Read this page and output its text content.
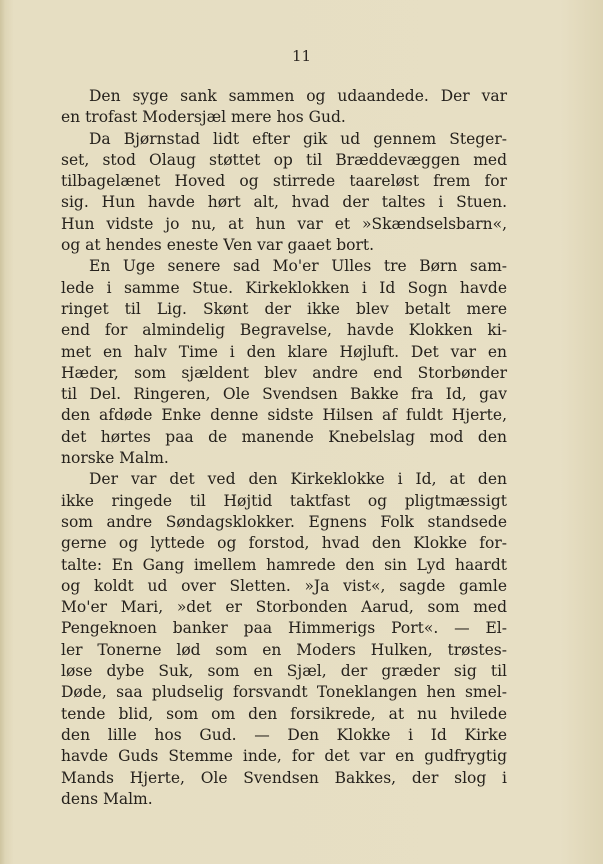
11

Den syge sank sammen og udaandede. Der var
en trofast Modersjæl mere hos Gud.
Da Bjørnstad lidt efter gik ud gennem Steger-
set, stod Olaug støttet op til Bræddevæggen med
tilbagelænet Hoved og stirrede taareløst frem for
sig. Hun havde hørt alt, hvad der taltes i Stuen.
Hun vidste jo nu, at hun var et »Skændselsbarn«,
og at hendes eneste Ven var gaaet bort.
En Uge senere sad Mo'er Ulles tre Børn sam-
lede i samme Stue. Kirkeklokken i Id Sogn havde
ringet til Lig. Skønt der ikke blev betalt mere
end for almindelig Begravelse, havde Klokken ki-
met en halv Time i den klare Højluft. Det var en
Hæder, som sjældent blev andre end Storbønder
til Del. Ringeren, Ole Svendsen Bakke fra Id, gav
den afdøde Enke denne sidste Hilsen af fuldt Hjerte,
det hørtes paa de manende Knebelslag mod den
norske Malm.
Der var det ved den Kirkeklokke i Id, at den
ikke ringede til Højtid taktfast og pligtmæssigt
som andre Søndagsklokker. Egnens Folk standsede
gerne og lyttede og forstod, hvad den Klokke for-
talte: En Gang imellem hamrede den sin Lyd haardt
og koldt ud over Sletten. »Ja vist«, sagde gamle
Mo'er Mari, »det er Storbonden Aarud, som med
Pengeknoen banker paa Himmerigs Port«. — El-
ler Tonerne lød som en Moders Hulken, trøstes-
løse dybe Suk, som en Sjæl, der græder sig til
Døde, saa pludselig forsvandt Toneklangen hen smel-
tende blid, som om den forsikrede, at nu hvilede
den lille hos Gud. — Den Klokke i Id Kirke
havde Guds Stemme inde, for det var en gudfrygtig
Mands Hjerte, Ole Svendsen Bakkes, der slog i
dens Malm.
